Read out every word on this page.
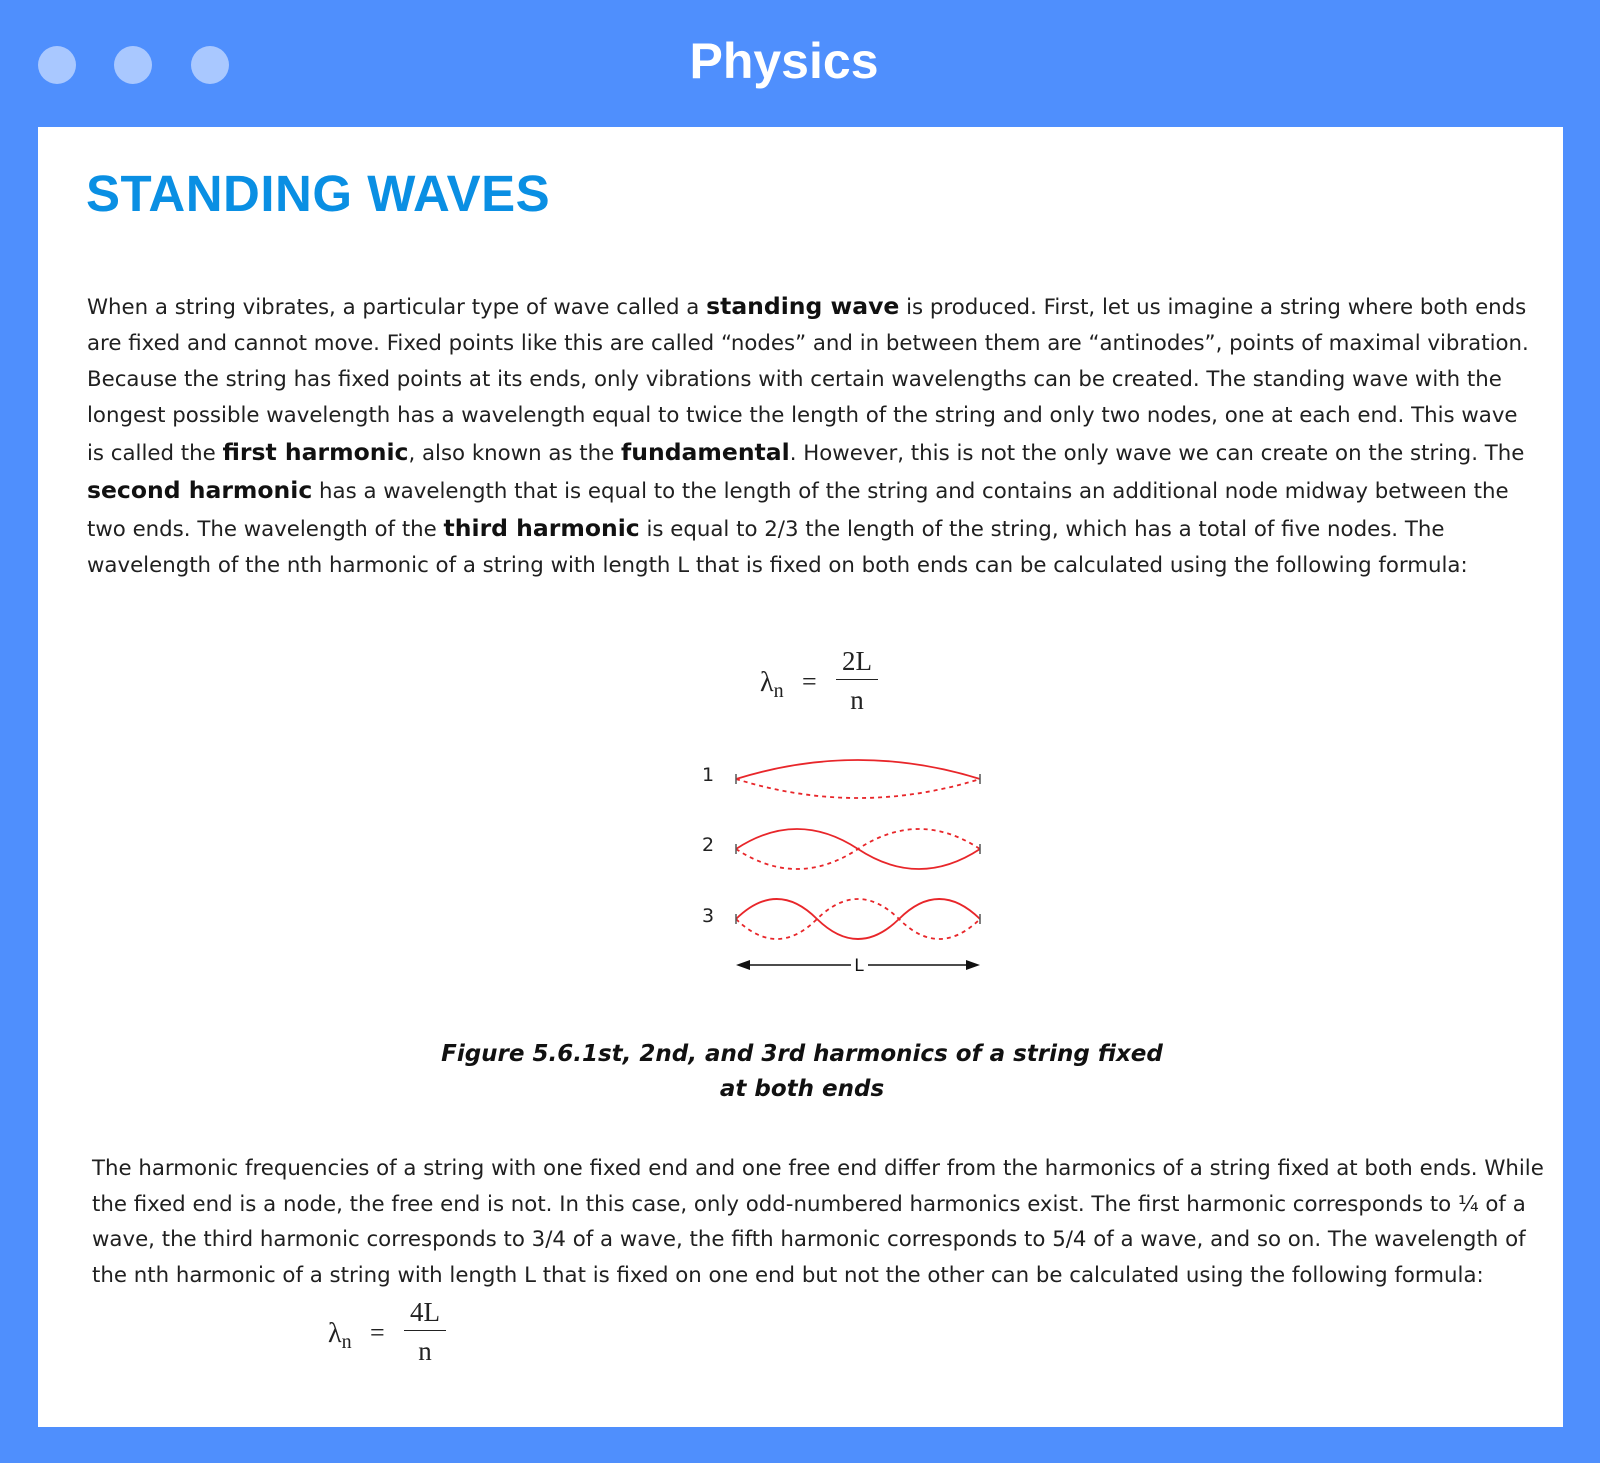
Physics
STANDING WAVES

When a string vibrates, a particular type of wave called a standing wave is produced. First, let us imagine a string where both ends are fixed and cannot move. Fixed points like this are called “nodes” and in between them are “antinodes”, points of maximal vibration. Because the string has fixed points at its ends, only vibrations with certain wavelengths can be created. The standing wave with the longest possible wavelength has a wavelength equal to twice the length of the string and only two nodes, one at each end. This wave is called the first harmonic, also known as the fundamental. However, this is not the only wave we can create on the string. The second harmonic has a wavelength that is equal to the length of the string and contains an additional node midway between the two ends. The wavelength of the third harmonic is equal to 2/3 the length of the string, which has a total of five nodes. The wavelength of the nth harmonic of a string with length L that is fixed on both ends can be calculated using the following formula:

$\lambda_n = \frac{2L}{n}$
1
2
3
L

Figure 5.6.1st, 2nd, and 3rd harmonics of a string fixed at both ends

The harmonic frequencies of a string with one fixed end and one free end differ from the harmonics of a string fixed at both ends. While the fixed end is a node, the free end is not. In this case, only odd-numbered harmonics exist. The first harmonic corresponds to ¼ of a wave, the third harmonic corresponds to 3/4 of a wave, the fifth harmonic corresponds to 5/4 of a wave, and so on. The wavelength of the nth harmonic of a string with length L that is fixed on one end but not the other can be calculated using the following formula:

$\lambda_n = \frac{4L}{n}$
